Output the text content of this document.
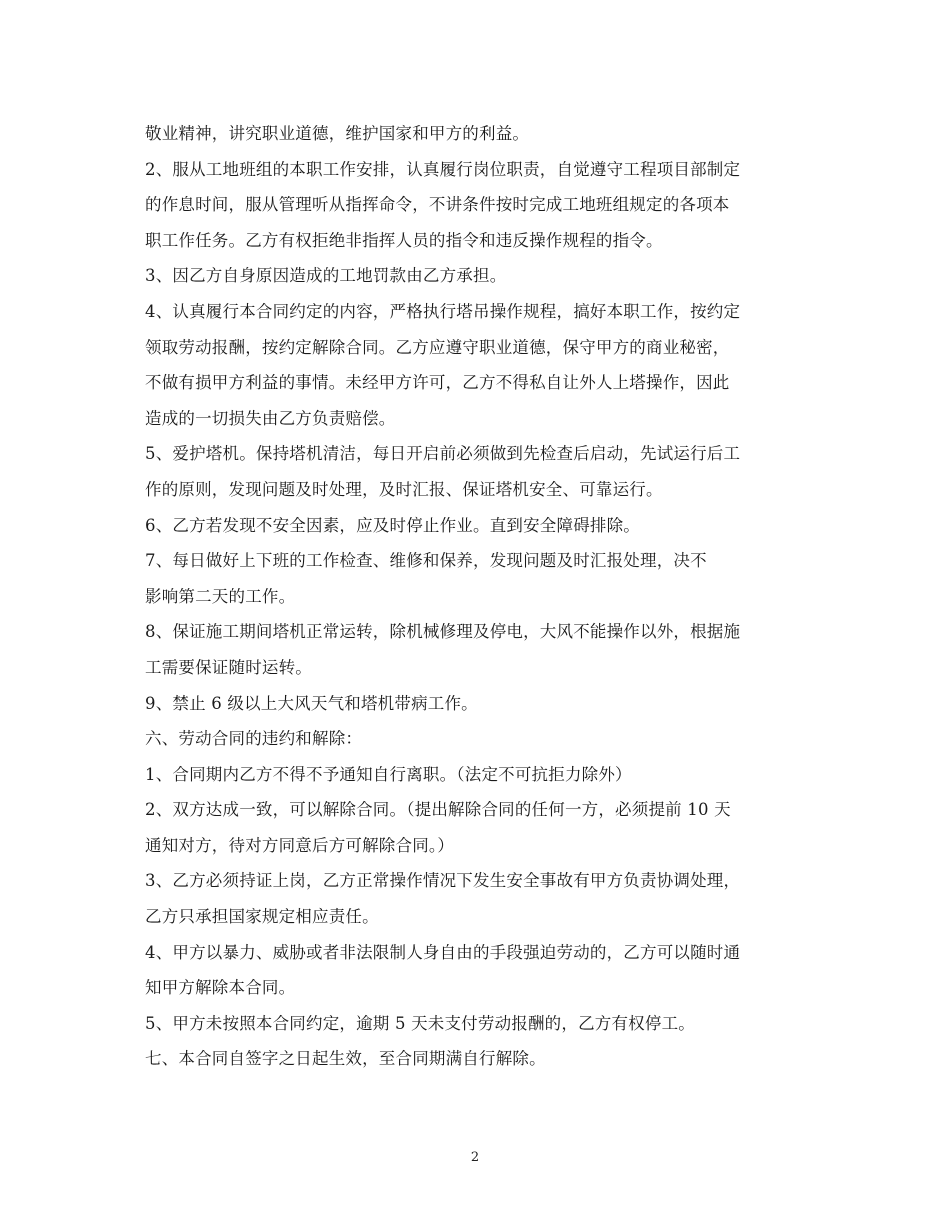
敬业精神，讲究职业道德，维护国家和甲方的利益。

2、服从工地班组的本职工作安排，认真履行岗位职责，自觉遵守工程项目部制定
的作息时间，服从管理听从指挥命令，不讲条件按时完成工地班组规定的各项本
职工作任务。乙方有权拒绝非指挥人员的指令和违反操作规程的指令。

3、因乙方自身原因造成的工地罚款由乙方承担。

4、认真履行本合同约定的内容，严格执行塔吊操作规程，搞好本职工作，按约定
领取劳动报酬，按约定解除合同。乙方应遵守职业道德，保守甲方的商业秘密，
不做有损甲方利益的事情。未经甲方许可，乙方不得私自让外人上塔操作，因此
造成的一切损失由乙方负责赔偿。

5、爱护塔机。保持塔机清洁，每日开启前必须做到先检查后启动，先试运行后工
作的原则，发现问题及时处理，及时汇报、保证塔机安全、可靠运行。

6、乙方若发现不安全因素，应及时停止作业。直到安全障碍排除。

7、每日做好上下班的工作检查、维修和保养，发现问题及时汇报处理，决不
影响第二天的工作。

8、保证施工期间塔机正常运转，除机械修理及停电，大风不能操作以外，根据施
工需要保证随时运转。

9、禁止 6 级以上大风天气和塔机带病工作。

六、劳动合同的违约和解除：

1、合同期内乙方不得不予通知自行离职。（法定不可抗拒力除外）

2、双方达成一致，可以解除合同。（提出解除合同的任何一方，必须提前 10 天
通知对方，待对方同意后方可解除合同。）

3、乙方必须持证上岗，乙方正常操作情况下发生安全事故有甲方负责协调处理，
乙方只承担国家规定相应责任。

4、甲方以暴力、威胁或者非法限制人身自由的手段强迫劳动的，乙方可以随时通
知甲方解除本合同。

5、甲方未按照本合同约定，逾期 5 天未支付劳动报酬的，乙方有权停工。

七、本合同自签字之日起生效，至合同期满自行解除。

2
